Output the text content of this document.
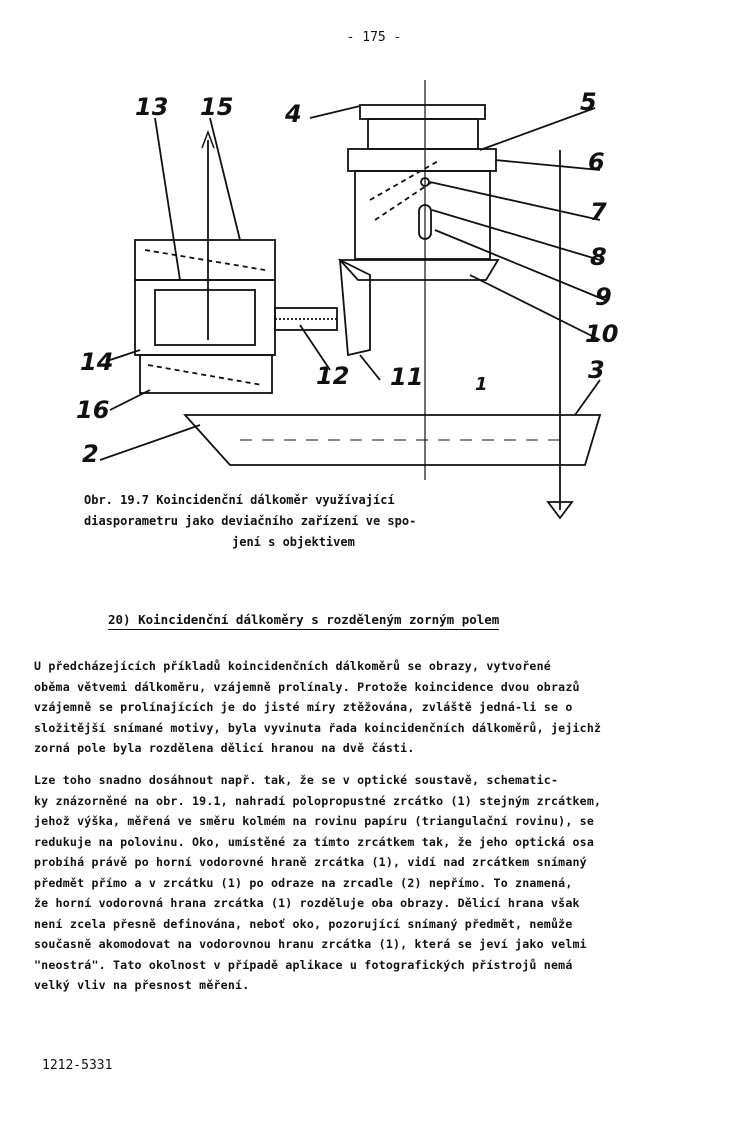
- 175 -
13 15 4	5
6
7
8
9
10
14	12 11	3
16
2
1
Obr. 19.7 Koincidenční dálkoměr využívající
diasporametru jako deviačního zařízení ve spo-
jení s objektivem
20) Koincidenční dálkoměry s rozděleným zorným polem
U předcházejících příkladů koincidenčních dálkoměrů se obrazy, vytvořené
oběma větvemi dálkoměru, vzájemně prolínaly. Protože koincidence dvou obrazů
vzájemně se prolínajících je do jisté míry ztěžována, zvláště jedná-li se o
složitější snímané motivy, byla vyvinuta řada koincidenčních dálkoměrů, jejichž
zorná pole byla rozdělena dělicí hranou na dvě části.
Lze toho snadno dosáhnout např. tak, že se v optické soustavě, schematic-
ky znázorněné na obr. 19.1, nahradí polopropustné zrcátko (1) stejným zrcátkem,
jehož výška, měřená ve směru kolmém na rovinu papíru (triangulační rovinu), se
redukuje na polovinu. Oko, umístěné za tímto zrcátkem tak, že jeho optická osa
probíhá právě po horní vodorovné hraně zrcátka (1), vidí nad zrcátkem snímaný
předmět přímo a v zrcátku (1) po odraze na zrcadle (2) nepřímo. To znamená,
že horní vodorovná hrana zrcátka (1) rozděluje oba obrazy. Dělicí hrana však
není zcela přesně definována, neboť oko, pozorující snímaný předmět, nemůže
současně akomodovat na vodorovnou hranu zrcátka (1), která se jeví jako velmi
"neostrá". Tato okolnost v případě aplikace u fotografických přístrojů nemá
velký vliv na přesnost měření.
1212-5331
